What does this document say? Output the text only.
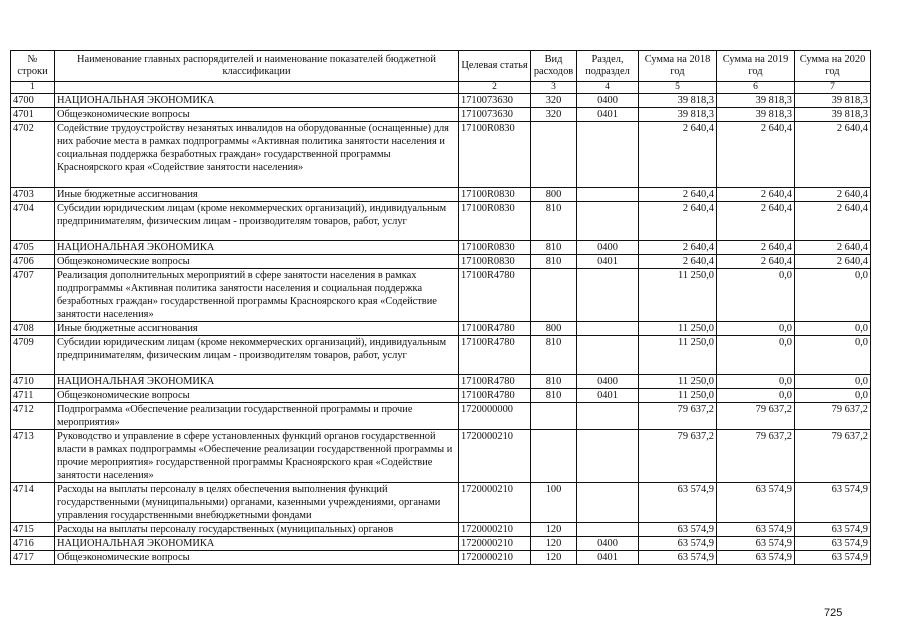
№ строки	Наименование главных распорядителей и наименование показателей бюджетной классификации	Целевая статья	Вид расходов	Раздел, подраздел	Сумма на 2018 год	Сумма на 2019 год	Сумма на 2020 год
1		2	3	4	5	6	7
4700	НАЦИОНАЛЬНАЯ ЭКОНОМИКА	1710073630	320	0400	39 818,3	39 818,3	39 818,3
4701	Общеэкономические вопросы	1710073630	320	0401	39 818,3	39 818,3	39 818,3
4702	Содействие трудоустройству незанятых инвалидов на оборудованные (оснащенные) для них рабочие места в рамках подпрограммы «Активная политика занятости населения и социальная поддержка безработных граждан» государственной программы Красноярского края «Содействие занятости населения»	17100R0830			2 640,4	2 640,4	2 640,4
4703	Иные бюджетные ассигнования	17100R0830	800		2 640,4	2 640,4	2 640,4
4704	Субсидии юридическим лицам (кроме некоммерческих организаций), индивидуальным предпринимателям, физическим лицам - производителям товаров, работ, услуг	17100R0830	810		2 640,4	2 640,4	2 640,4
4705	НАЦИОНАЛЬНАЯ ЭКОНОМИКА	17100R0830	810	0400	2 640,4	2 640,4	2 640,4
4706	Общеэкономические вопросы	17100R0830	810	0401	2 640,4	2 640,4	2 640,4
4707	Реализация дополнительных мероприятий в сфере занятости населения в рамках подпрограммы «Активная политика занятости населения и социальная поддержка безработных граждан» государственной программы Красноярского края «Содействие занятости населения»	17100R4780			11 250,0	0,0	0,0
4708	Иные бюджетные ассигнования	17100R4780	800		11 250,0	0,0	0,0
4709	Субсидии юридическим лицам (кроме некоммерческих организаций), индивидуальным предпринимателям, физическим лицам - производителям товаров, работ, услуг	17100R4780	810		11 250,0	0,0	0,0
4710	НАЦИОНАЛЬНАЯ ЭКОНОМИКА	17100R4780	810	0400	11 250,0	0,0	0,0
4711	Общеэкономические вопросы	17100R4780	810	0401	11 250,0	0,0	0,0
4712	Подпрограмма «Обеспечение реализации государственной программы и прочие мероприятия»	1720000000			79 637,2	79 637,2	79 637,2
4713	Руководство и управление в сфере установленных функций органов государственной власти в рамках подпрограммы «Обеспечение реализации государственной программы и прочие мероприятия» государственной программы Красноярского края «Содействие занятости населения»	1720000210			79 637,2	79 637,2	79 637,2
4714	Расходы на выплаты персоналу в целях обеспечения выполнения функций государственными (муниципальными) органами, казенными учреждениями, органами управления государственными внебюджетными фондами	1720000210	100		63 574,9	63 574,9	63 574,9
4715	Расходы на выплаты персоналу государственных (муниципальных) органов	1720000210	120		63 574,9	63 574,9	63 574,9
4716	НАЦИОНАЛЬНАЯ ЭКОНОМИКА	1720000210	120	0400	63 574,9	63 574,9	63 574,9
4717	Общеэкономические вопросы	1720000210	120	0401	63 574,9	63 574,9	63 574,9
725
